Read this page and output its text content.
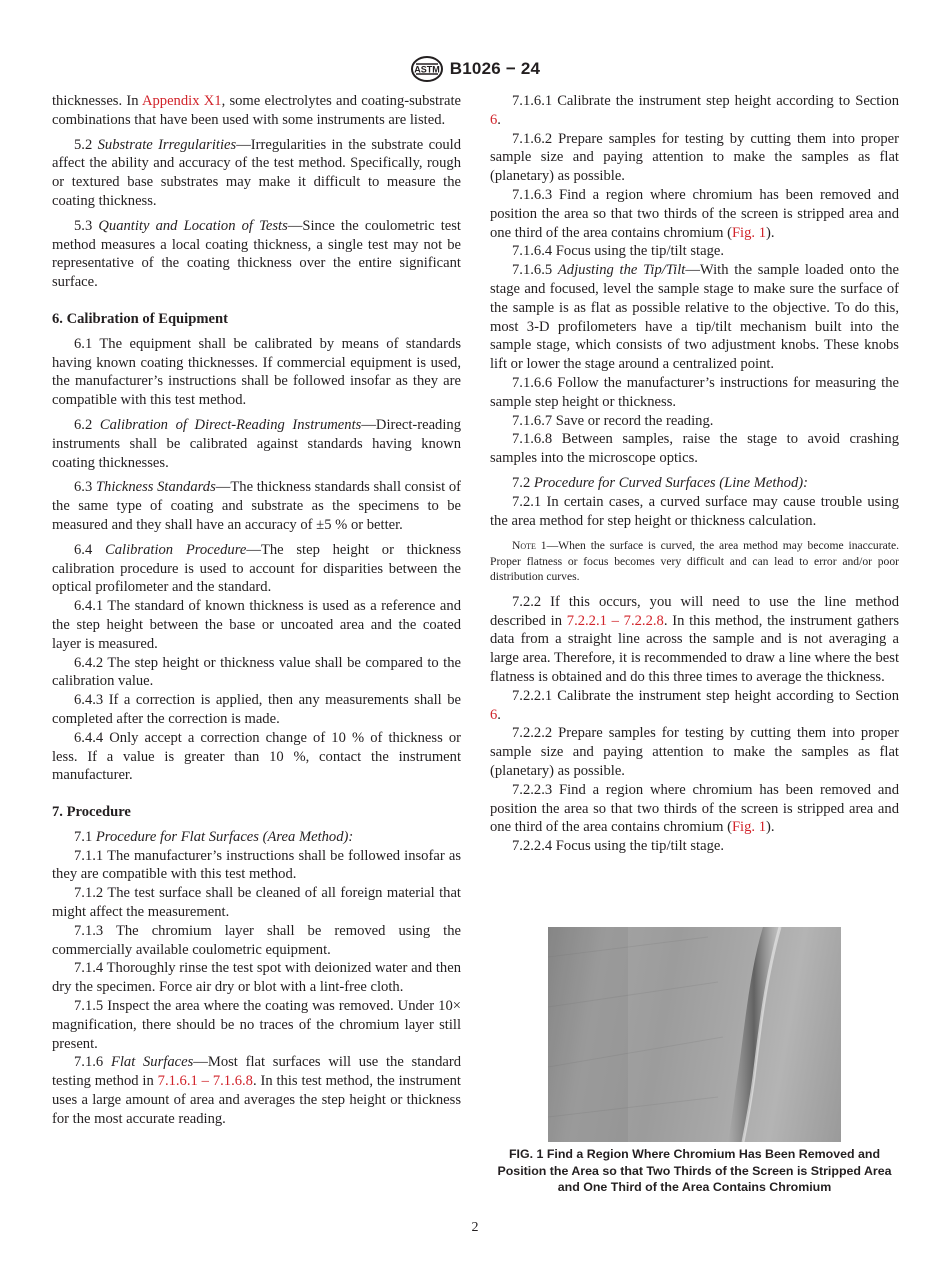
ASTM B1026 − 24

thicknesses. In Appendix X1, some electrolytes and coating-substrate combinations that have been used with some instruments are listed.

5.2 Substrate Irregularities—Irregularities in the substrate could affect the ability and accuracy of the test method. Specifically, rough or textured base substrates may make it difficult to measure the coating thickness.

5.3 Quantity and Location of Tests—Since the coulometric test method measures a local coating thickness, a single test may not be representative of the coating thickness over the entire significant surface.

6. Calibration of Equipment

6.1 The equipment shall be calibrated by means of standards having known coating thicknesses. If commercial equipment is used, the manufacturer’s instructions shall be followed insofar as they are compatible with this test method.

6.2 Calibration of Direct-Reading Instruments—Direct-reading instruments shall be calibrated against standards having known coating thicknesses.

6.3 Thickness Standards—The thickness standards shall consist of the same type of coating and substrate as the specimens to be measured and they shall have an accuracy of ±5 % or better.

6.4 Calibration Procedure—The step height or thickness calibration procedure is used to account for disparities between the optical profilometer and the standard.

6.4.1 The standard of known thickness is used as a reference and the step height between the base or uncoated area and the coated layer is measured.

6.4.2 The step height or thickness value shall be compared to the calibration value.

6.4.3 If a correction is applied, then any measurements shall be completed after the correction is made.

6.4.4 Only accept a correction change of 10 % of thickness or less. If a value is greater than 10 %, contact the instrument manufacturer.

7. Procedure

7.1 Procedure for Flat Surfaces (Area Method):

7.1.1 The manufacturer’s instructions shall be followed insofar as they are compatible with this test method.

7.1.2 The test surface shall be cleaned of all foreign material that might affect the measurement.

7.1.3 The chromium layer shall be removed using the commercially available coulometric equipment.

7.1.4 Thoroughly rinse the test spot with deionized water and then dry the specimen. Force air dry or blot with a lint-free cloth.

7.1.5 Inspect the area where the coating was removed. Under 10× magnification, there should be no traces of the chromium layer still present.

7.1.6 Flat Surfaces—Most flat surfaces will use the standard testing method in 7.1.6.1 – 7.1.6.8. In this test method, the instrument uses a large amount of area and averages the step height or thickness for the most accurate reading.

7.1.6.1 Calibrate the instrument step height according to Section 6.

7.1.6.2 Prepare samples for testing by cutting them into proper sample size and paying attention to make the samples as flat (planetary) as possible.

7.1.6.3 Find a region where chromium has been removed and position the area so that two thirds of the screen is stripped area and one third of the area contains chromium (Fig. 1).

7.1.6.4 Focus using the tip/tilt stage.

7.1.6.5 Adjusting the Tip/Tilt—With the sample loaded onto the stage and focused, level the sample stage to make sure the surface of the sample is as flat as possible relative to the objective. To do this, most 3-D profilometers have a tip/tilt mechanism built into the sample stage, which consists of two adjustment knobs. These knobs lift or lower the stage around a centralized point.

7.1.6.6 Follow the manufacturer’s instructions for measuring the sample step height or thickness.

7.1.6.7 Save or record the reading.

7.1.6.8 Between samples, raise the stage to avoid crashing samples into the microscope optics.

7.2 Procedure for Curved Surfaces (Line Method):

7.2.1 In certain cases, a curved surface may cause trouble using the area method for step height or thickness calculation.

Note 1—When the surface is curved, the area method may become inaccurate. Proper flatness or focus becomes very difficult and can lead to error and/or poor distribution curves.

7.2.2 If this occurs, you will need to use the line method described in 7.2.2.1 – 7.2.2.8. In this method, the instrument gathers data from a straight line across the sample and is not averaging a large area. Therefore, it is recommended to draw a line where the best flatness is obtained and do this three times to average the thickness.

7.2.2.1 Calibrate the instrument step height according to Section 6.

7.2.2.2 Prepare samples for testing by cutting them into proper sample size and paying attention to make the samples as flat (planetary) as possible.

7.2.2.3 Find a region where chromium has been removed and position the area so that two thirds of the screen is stripped area and one third of the area contains chromium (Fig. 1).

7.2.2.4 Focus using the tip/tilt stage.

FIG. 1 Find a Region Where Chromium Has Been Removed and Position the Area so that Two Thirds of the Screen is Stripped Area and One Third of the Area Contains Chromium
2
